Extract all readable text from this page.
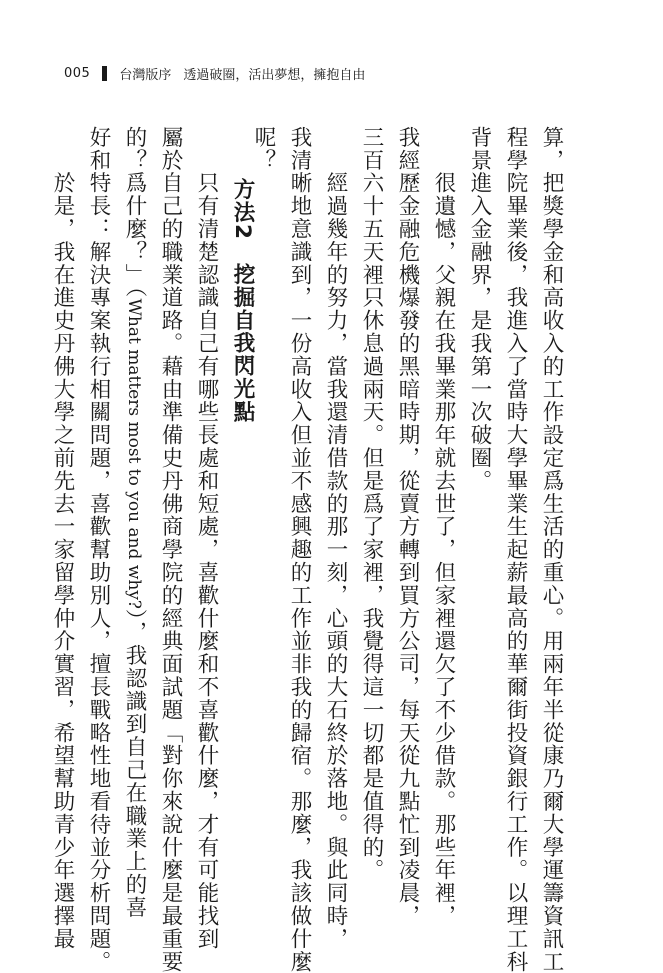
005 台灣版序 透過破圈，活出夢想，擁抱自由
算，把獎學金和高收入的工作設定爲生活的重心。用兩年半從康乃爾大學運籌資訊工
程學院畢業後，我進入了當時大學畢業生起薪最高的華爾街投資銀行工作。以理工科
背景進入金融界，是我第一次破圈。
　　很遺憾，父親在我畢業那年就去世了，但家裡還欠了不少借款。那些年裡，
我經歷金融危機爆發的黑暗時期，從賣方轉到買方公司，每天從九點忙到凌晨，
三百六十五天裡只休息過兩天。但是爲了家裡，我覺得這一切都是值得的。
　　經過幾年的努力，當我還清借款的那一刻，心頭的大石終於落地。與此同時，
我清晰地意識到，一份高收入但並不感興趣的工作並非我的歸宿。那麼，我該做什麼
呢？
方法2　挖掘自我閃光點
　　只有清楚認識自己有哪些長處和短處，喜歡什麼和不喜歡什麼，才有可能找到
屬於自己的職業道路。藉由準備史丹佛商學院的經典面試題「對你來說什麼是最重要
的？爲什麼？」（What matters most to you and why?），我認識到自己在職業上的喜
好和特長：解決專案執行相關問題，喜歡幫助別人，擅長戰略性地看待並分析問題。
　　於是，我在進史丹佛大學之前先去一家留學仲介實習，希望幫助青少年選擇最
